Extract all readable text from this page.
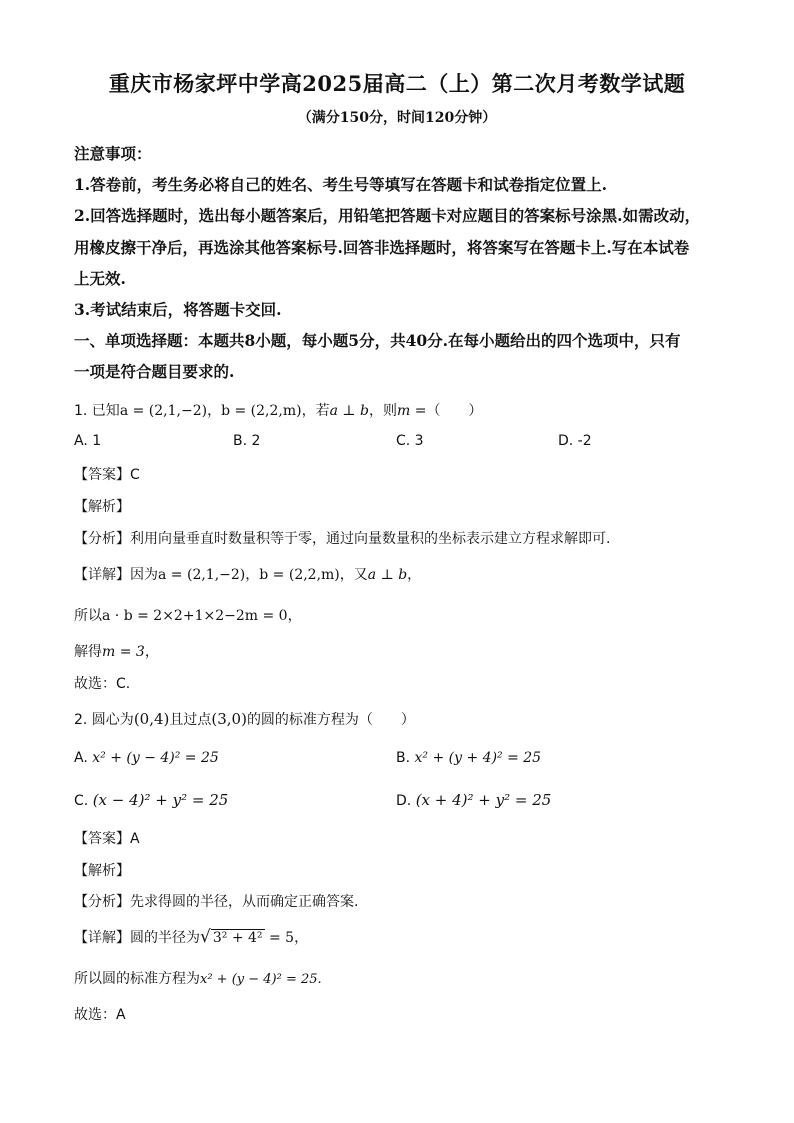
重庆市杨家坪中学高2025届高二（上）第二次月考数学试题
（满分150分，时间120分钟）
注意事项：
1.答卷前，考生务必将自己的姓名、考生号等填写在答题卡和试卷指定位置上.
2.回答选择题时，选出每小题答案后，用铅笔把答题卡对应题目的答案标号涂黑.如需改动，
用橡皮擦干净后，再选涂其他答案标号.回答非选择题时，将答案写在答题卡上.写在本试卷
上无效.
3.考试结束后，将答题卡交回.
一、单项选择题：本题共8小题，每小题5分，共40分.在每小题给出的四个选项中，只有
一项是符合题目要求的.
1. 已知a = (2,1,−2)，b = (2,2,m)，若a ⊥ b，则m =（　　）
A. 1	B. 2	C. 3	D. -2
【答案】C
【解析】
【分析】利用向量垂直时数量积等于零，通过向量数量积的坐标表示建立方程求解即可.
【详解】因为a = (2,1,−2)，b = (2,2,m)，又a ⊥ b，
所以a · b = 2×2+1×2−2m = 0，
解得m = 3，
故选：C.
2. 圆心为(0,4)且过点(3,0)的圆的标准方程为（　　）
A. x² + (y − 4)² = 25	B. x² + (y + 4)² = 25
C. (x − 4)² + y² = 25	D. (x + 4)² + y² = 25
【答案】A
【解析】
【分析】先求得圆的半径，从而确定正确答案.
【详解】圆的半径为√ 3² + 4² = 5，
所以圆的标准方程为x² + (y − 4)² = 25.
故选：A
